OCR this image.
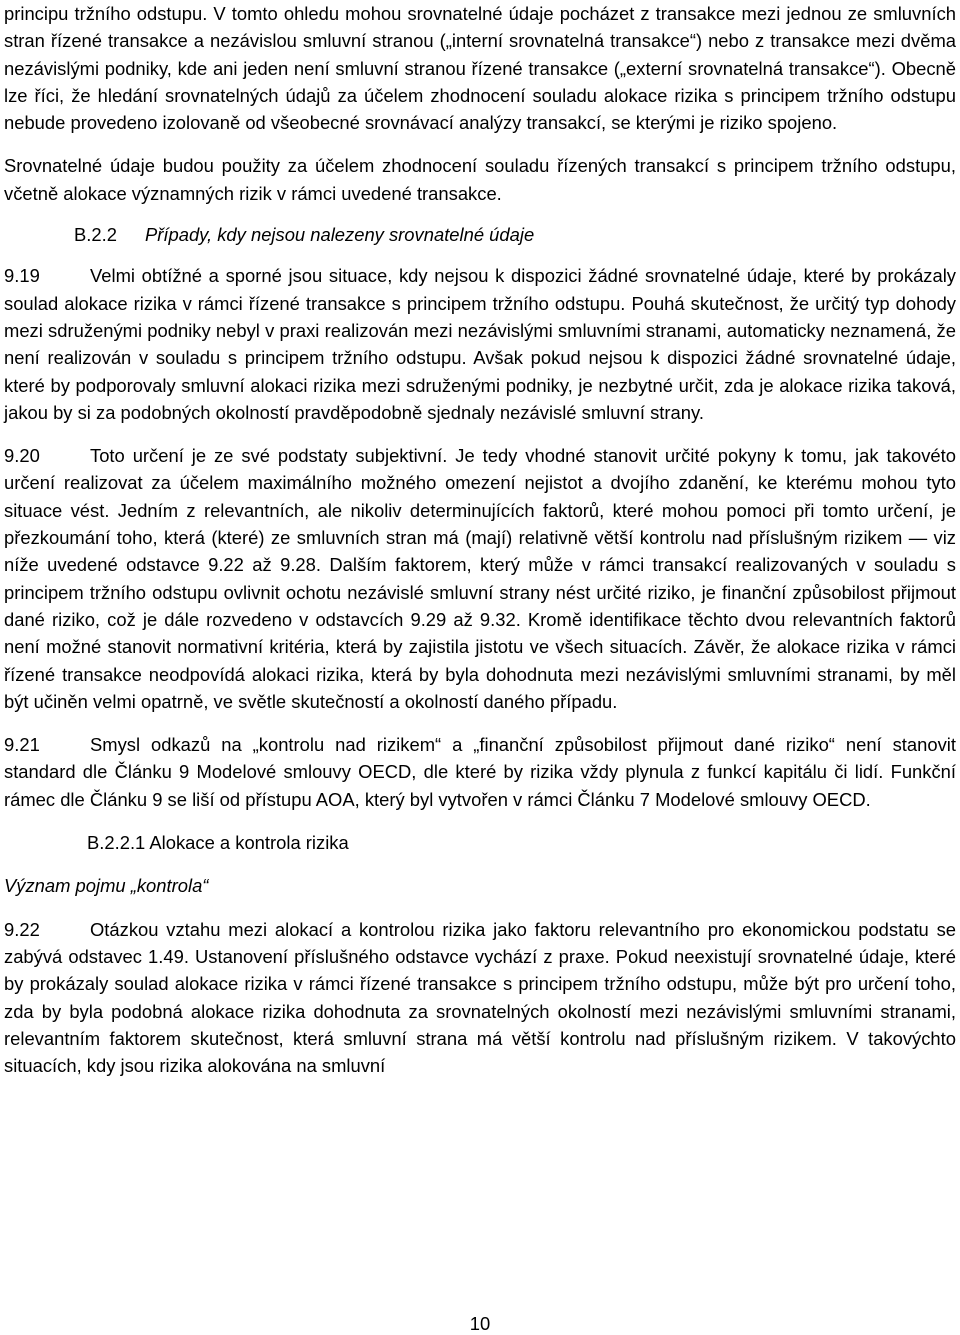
principu tržního odstupu. V tomto ohledu mohou srovnatelné údaje pocházet z transakce mezi jednou ze smluvních stran řízené transakce a nezávislou smluvní stranou („interní srovnatelná transakce“) nebo z transakce mezi dvěma nezávislými podniky, kde ani jeden není smluvní stranou řízené transakce („externí srovnatelná transakce“). Obecně lze říci, že hledání srovnatelných údajů za účelem zhodnocení souladu alokace rizika s principem tržního odstupu nebude provedeno izolovaně od všeobecné srovnávací analýzy transakcí, se kterými je riziko spojeno.

Srovnatelné údaje budou použity za účelem zhodnocení souladu řízených transakcí s principem tržního odstupu, včetně alokace významných rizik v rámci uvedené transakce.

B.2.2 Případy, kdy nejsou nalezeny srovnatelné údaje

9.19	Velmi obtížné a sporné jsou situace, kdy nejsou k dispozici žádné srovnatelné údaje, které by prokázaly soulad alokace rizika v rámci řízené transakce s principem tržního odstupu. Pouhá skutečnost, že určitý typ dohody mezi sdruženými podniky nebyl v praxi realizován mezi nezávislými smluvními stranami, automaticky neznamená, že není realizován v souladu s principem tržního odstupu. Avšak pokud nejsou k dispozici žádné srovnatelné údaje, které by podporovaly smluvní alokaci rizika mezi sdruženými podniky, je nezbytné určit, zda je alokace rizika taková, jakou by si za podobných okolností pravděpodobně sjednaly nezávislé smluvní strany.

9.20	Toto určení je ze své podstaty subjektivní. Je tedy vhodné stanovit určité pokyny k tomu, jak takovéto určení realizovat za účelem maximálního možného omezení nejistot a dvojího zdanění, ke kterému mohou tyto situace vést. Jedním z relevantních, ale nikoliv determinujících faktorů, které mohou pomoci při tomto určení, je přezkoumání toho, která (které) ze smluvních stran má (mají) relativně větší kontrolu nad příslušným rizikem — viz níže uvedené odstavce 9.22 až 9.28. Dalším faktorem, který může v rámci transakcí realizovaných v souladu s principem tržního odstupu ovlivnit ochotu nezávislé smluvní strany nést určité riziko, je finanční způsobilost přijmout dané riziko, což je dále rozvedeno v odstavcích 9.29 až 9.32. Kromě identifikace těchto dvou relevantních faktorů není možné stanovit normativní kritéria, která by zajistila jistotu ve všech situacích. Závěr, že alokace rizika v rámci řízené transakce neodpovídá alokaci rizika, která by byla dohodnuta mezi nezávislými smluvními stranami, by měl být učiněn velmi opatrně, ve světle skutečností a okolností daného případu.

9.21	Smysl odkazů na „kontrolu nad rizikem“ a „finanční způsobilost přijmout dané riziko“ není stanovit standard dle Článku 9 Modelové smlouvy OECD, dle které by rizika vždy plynula z funkcí kapitálu či lidí. Funkční rámec dle Článku 9 se liší od přístupu AOA, který byl vytvořen v rámci Článku 7 Modelové smlouvy OECD.

B.2.2.1 Alokace a kontrola rizika
Význam pojmu „kontrola“

9.22	Otázkou vztahu mezi alokací a kontrolou rizika jako faktoru relevantního pro ekonomickou podstatu se zabývá odstavec 1.49. Ustanovení příslušného odstavce vychází z praxe. Pokud neexistují srovnatelné údaje, které by prokázaly soulad alokace rizika v rámci řízené transakce s principem tržního odstupu, může být pro určení toho, zda by byla podobná alokace rizika dohodnuta za srovnatelných okolností mezi nezávislými smluvními stranami, relevantním faktorem skutečnost, která smluvní strana má větší kontrolu nad příslušným rizikem. V takovýchto situacích, kdy jsou rizika alokována na smluvní

10
